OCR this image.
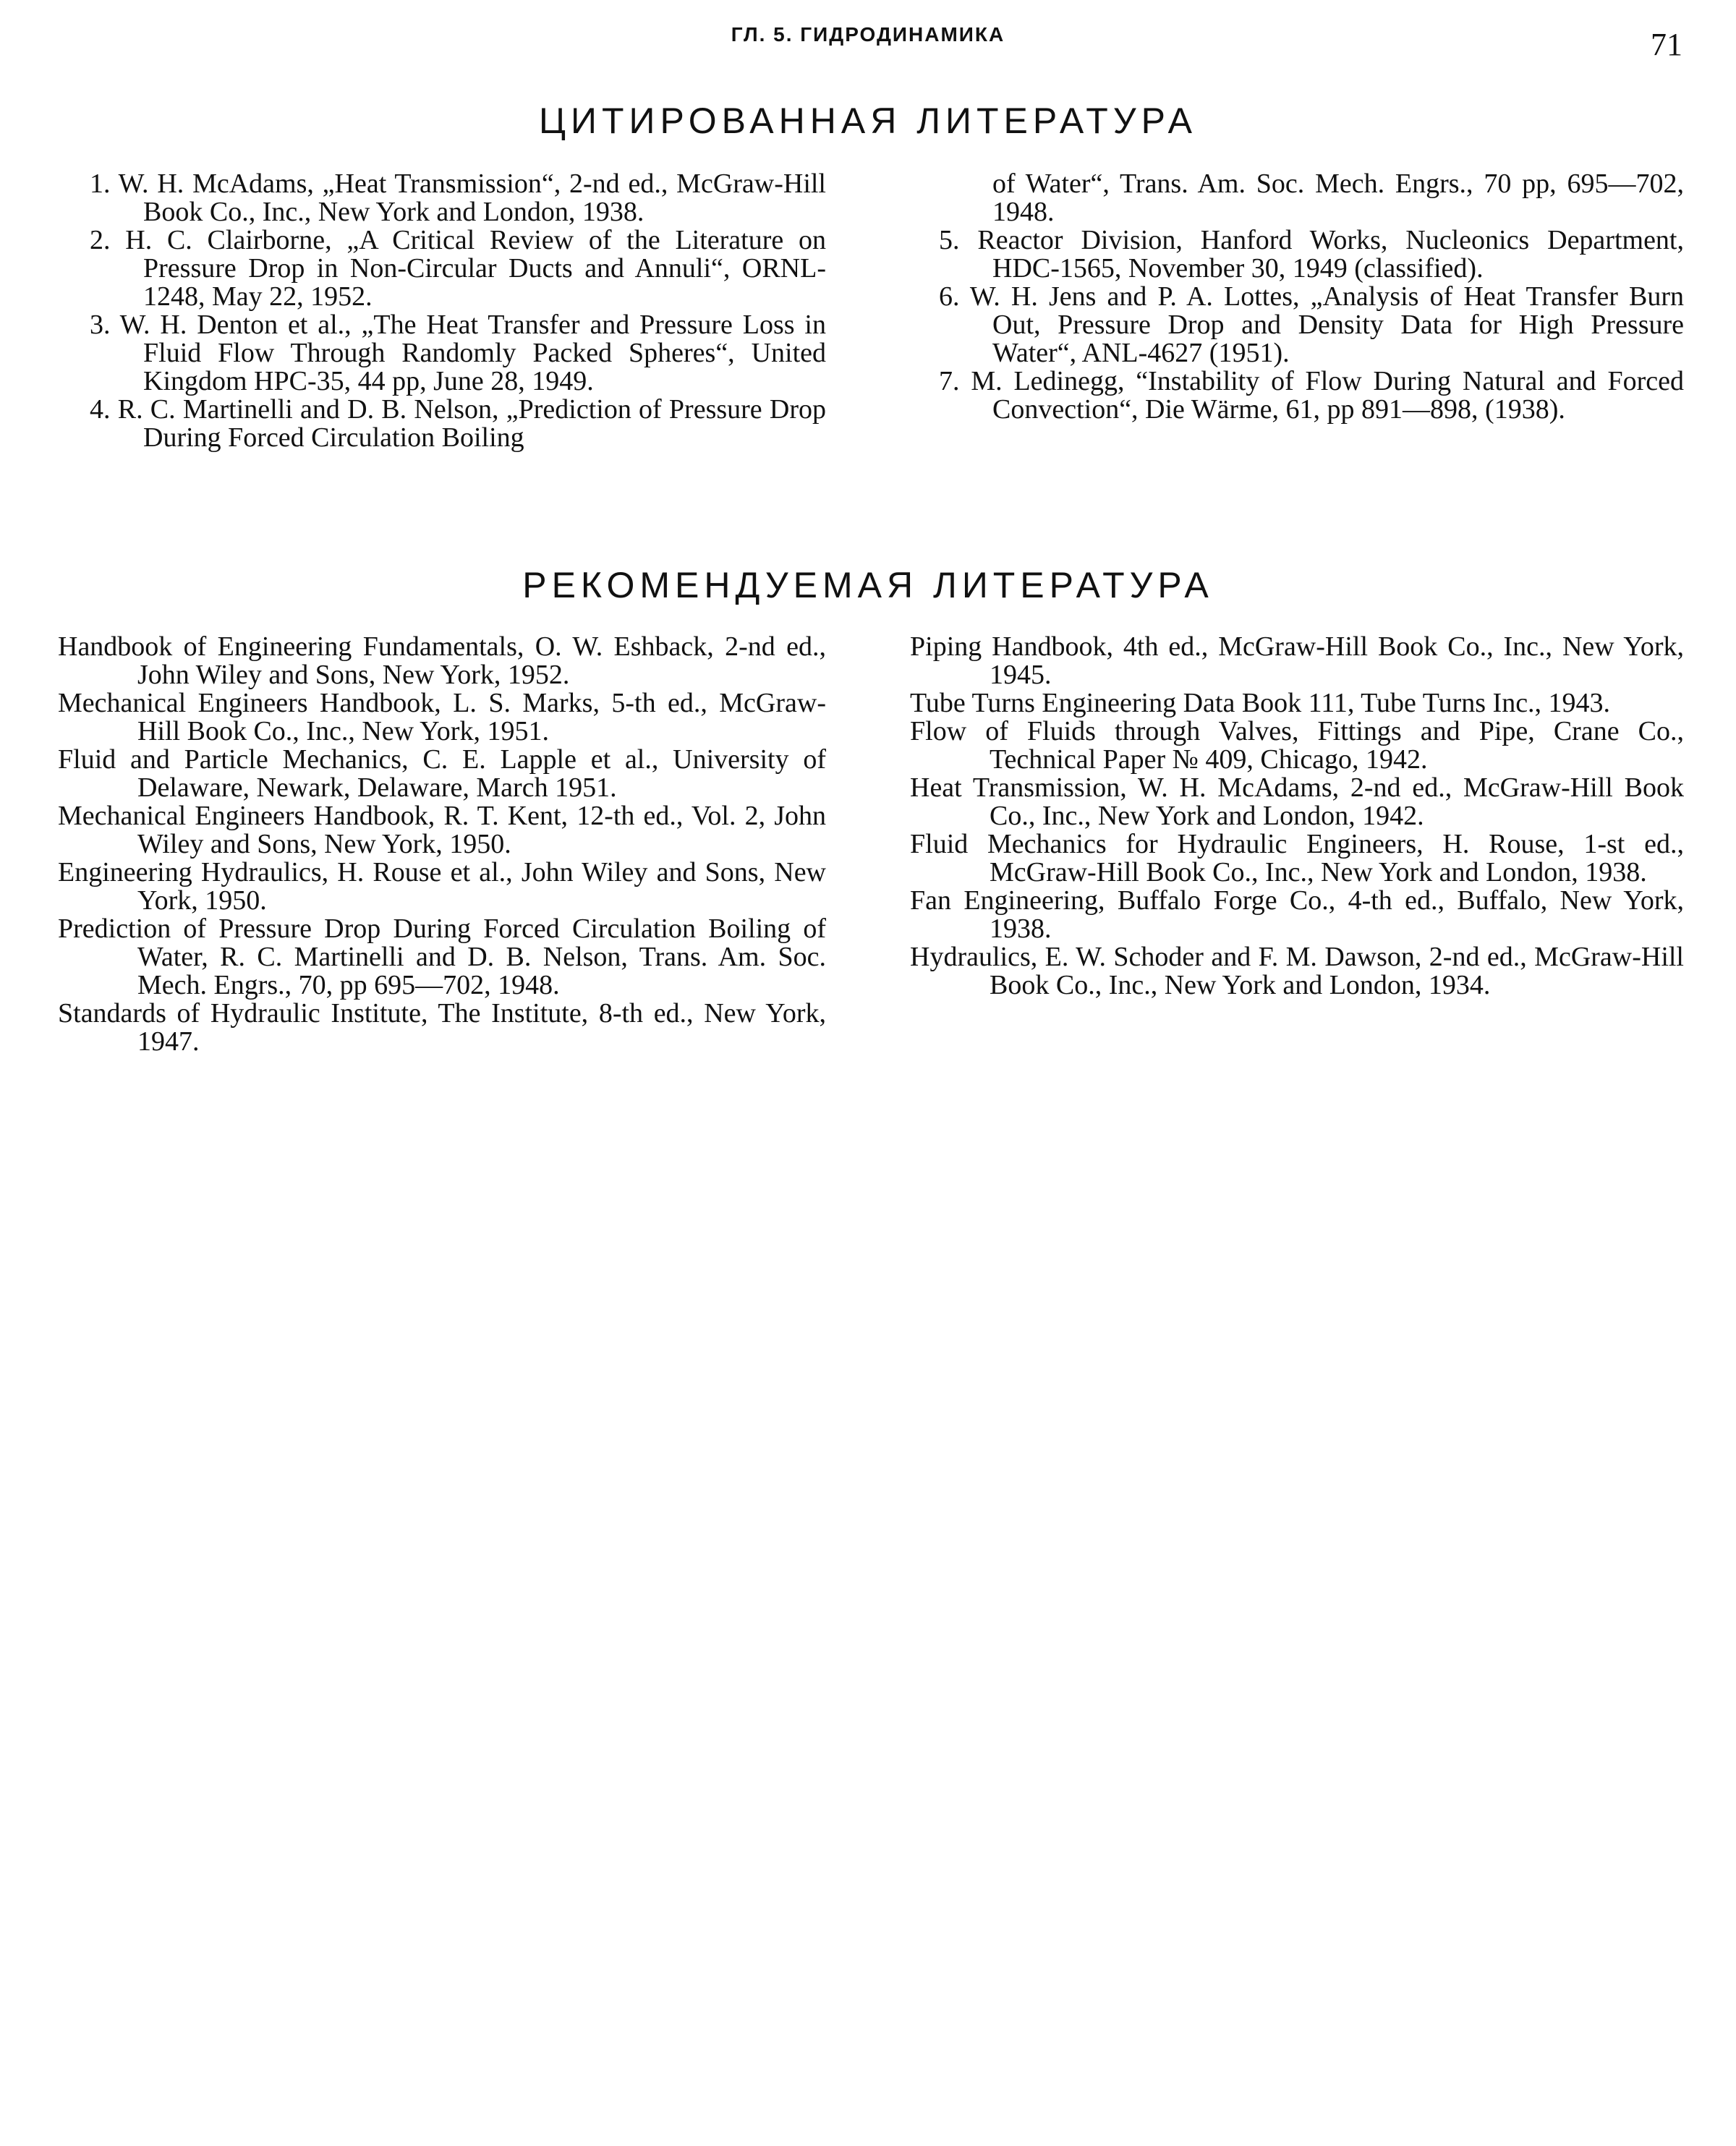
ГЛ. 5. ГИДРОДИНАМИКА	71
ЦИТИРОВАННАЯ ЛИТЕРАТУРА
1. W. H. McAdams, „Heat Transmission“, 2-nd ed., McGraw-Hill Book Co., Inc., New York and London, 1938.
2. H. C. Clairborne, „A Critical Review of the Literature on Pressure Drop in Non-Circular Ducts and Annuli“, ORNL-1248, May 22, 1952.
3. W. H. Denton et al., „The Heat Transfer and Pressure Loss in Fluid Flow Through Randomly Packed Spheres“, United Kingdom HPC-35, 44 pp, June 28, 1949.
4. R. C. Martinelli and D. B. Nelson, „Prediction of Pressure Drop During Forced Circulation Boiling
of Water“, Trans. Am. Soc. Mech. Engrs., 70 pp, 695—702, 1948.
5. Reactor Division, Hanford Works, Nucleonics Department, HDC-1565, November 30, 1949 (classified).
6. W. H. Jens and P. A. Lottes, „Analysis of Heat Transfer Burn Out, Pressure Drop and Density Data for High Pressure Water“, ANL-4627 (1951).
7. M. Ledinegg, “Instability of Flow During Natural and Forced Convection“, Die Wärme, 61, pp 891—898, (1938).
РЕКОМЕНДУЕМАЯ ЛИТЕРАТУРА
Handbook of Engineering Fundamentals, O. W. Eshback, 2-nd ed., John Wiley and Sons, New York, 1952.
Mechanical Engineers Handbook, L. S. Marks, 5-th ed., McGraw-Hill Book Co., Inc., New York, 1951.
Fluid and Particle Mechanics, C. E. Lapple et al., University of Delaware, Newark, Delaware, March 1951.
Mechanical Engineers Handbook, R. T. Kent, 12-th ed., Vol. 2, John Wiley and Sons, New York, 1950.
Engineering Hydraulics, H. Rouse et al., John Wiley and Sons, New York, 1950.
Prediction of Pressure Drop During Forced Circulation Boiling of Water, R. C. Martinelli and D. B. Nelson, Trans. Am. Soc. Mech. Engrs., 70, pp 695—702, 1948.
Standards of Hydraulic Institute, The Institute, 8-th ed., New York, 1947.
Piping Handbook, 4th ed., McGraw-Hill Book Co., Inc., New York, 1945.
Tube Turns Engineering Data Book 111, Tube Turns Inc., 1943.
Flow of Fluids through Valves, Fittings and Pipe, Crane Co., Technical Paper № 409, Chicago, 1942.
Heat Transmission, W. H. McAdams, 2-nd ed., McGraw-Hill Book Co., Inc., New York and London, 1942.
Fluid Mechanics for Hydraulic Engineers, H. Rouse, 1-st ed., McGraw-Hill Book Co., Inc., New York and London, 1938.
Fan Engineering, Buffalo Forge Co., 4-th ed., Buffalo, New York, 1938.
Hydraulics, E. W. Schoder and F. M. Dawson, 2-nd ed., McGraw-Hill Book Co., Inc., New York and London, 1934.
